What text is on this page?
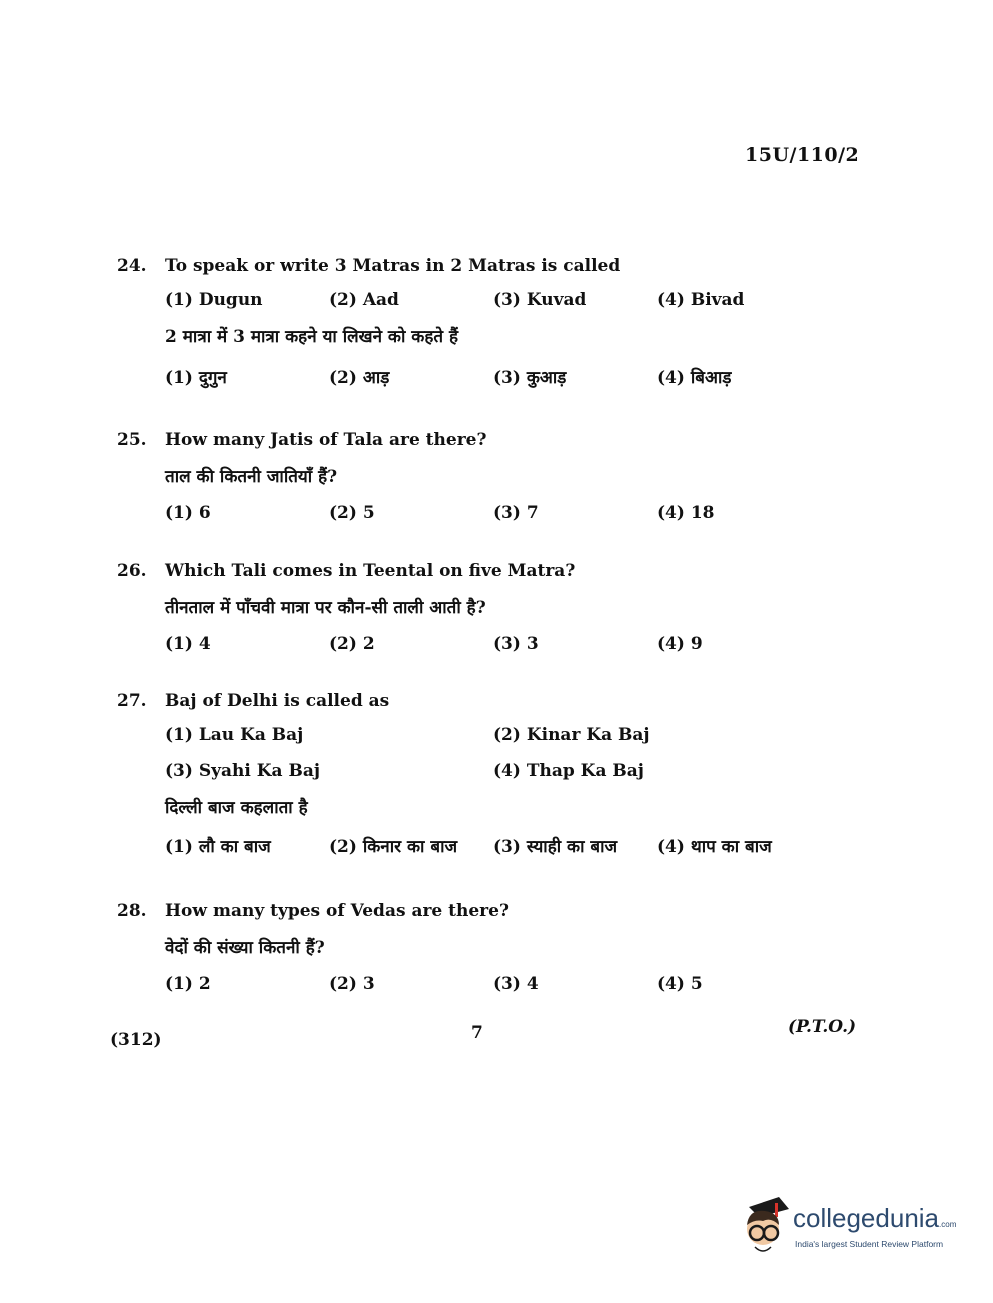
15U/110/2
24.	To speak or write 3 Matras in 2 Matras is called
(1) Dugun	(2) Aad	(3) Kuvad	(4) Bivad
2 मात्रा में 3 मात्रा कहने या लिखने को कहते हैं
(1) दुगुन	(2) आड़	(3) कुआड़	(4) बिआड़
25.	How many Jatis of Tala are there?
ताल की कितनी जातियाँ हैं?
(1) 6	(2) 5	(3) 7	(4) 18
26.	Which Tali comes in Teental on five Matra?
तीनताल में पाँचवी मात्रा पर कौन-सी ताली आती है?
(1) 4	(2) 2	(3) 3	(4) 9
27.	Baj of Delhi is called as
(1) Lau Ka Baj	(2) Kinar Ka Baj
(3) Syahi Ka Baj	(4) Thap Ka Baj
दिल्ली बाज कहलाता है
(1) लौ का बाज	(2) किनार का बाज	(3) स्याही का बाज	(4) थाप का बाज
28.	How many types of Vedas are there?
वेदों की संख्या कितनी हैं?
(1) 2	(2) 3	(3) 4	(4) 5
(312)	7	(P.T.O.)
collegedunia.com
India's largest Student Review Platform
